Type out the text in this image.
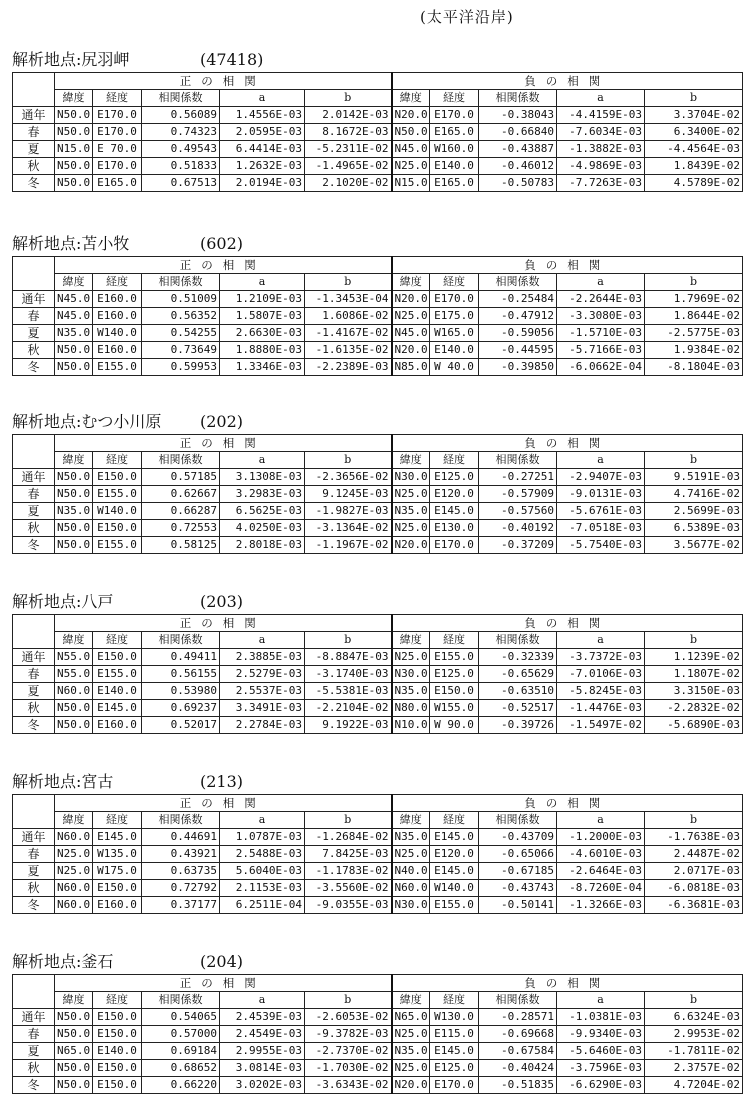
(太平洋沿岸)
解析地点:尻羽岬	(47418)
	正の相関					負の相関				
	緯度	経度	相関係数	a	b	緯度	経度	相関係数	a	b
通年	N50.0	E170.0	0.56089	1.4556E-03	2.0142E-03	N20.0	E170.0	-0.38043	-4.4159E-03	3.3704E-02
春	N50.0	E170.0	0.74323	2.0595E-03	8.1672E-03	N50.0	E165.0	-0.66840	-7.6034E-03	6.3400E-02
夏	N15.0	E 70.0	0.49543	6.4414E-03	-5.2311E-02	N45.0	W160.0	-0.43887	-1.3882E-03	-4.4564E-03
秋	N50.0	E170.0	0.51833	1.2632E-03	-1.4965E-02	N25.0	E140.0	-0.46012	-4.9869E-03	1.8439E-02
冬	N50.0	E165.0	0.67513	2.0194E-03	2.1020E-02	N15.0	E165.0	-0.50783	-7.7263E-03	4.5789E-02
解析地点:苫小牧	(602)
	正の相関					負の相関				
	緯度	経度	相関係数	a	b	緯度	経度	相関係数	a	b
通年	N45.0	E160.0	0.51009	1.2109E-03	-1.3453E-04	N20.0	E170.0	-0.25484	-2.2644E-03	1.7969E-02
春	N45.0	E160.0	0.56352	1.5807E-03	1.6086E-02	N25.0	E175.0	-0.47912	-3.3080E-03	1.8644E-02
夏	N35.0	W140.0	0.54255	2.6630E-03	-1.4167E-02	N45.0	W165.0	-0.59056	-1.5710E-03	-2.5775E-03
秋	N50.0	E160.0	0.73649	1.8880E-03	-1.6135E-02	N20.0	E140.0	-0.44595	-5.7166E-03	1.9384E-02
冬	N50.0	E155.0	0.59953	1.3346E-03	-2.2389E-03	N85.0	W 40.0	-0.39850	-6.0662E-04	-8.1804E-03
解析地点:むつ小川原 (202)
	正の相関					負の相関				
	緯度	経度	相関係数	a	b	緯度	経度	相関係数	a	b
通年	N50.0	E150.0	0.57185	3.1308E-03	-2.3656E-02	N30.0	E125.0	-0.27251	-2.9407E-03	9.5191E-03
春	N50.0	E155.0	0.62667	3.2983E-03	9.1245E-03	N25.0	E120.0	-0.57909	-9.0131E-03	4.7416E-02
夏	N35.0	W140.0	0.66287	6.5625E-03	-1.9827E-03	N35.0	E145.0	-0.57560	-5.6761E-03	2.5699E-03
秋	N50.0	E150.0	0.72553	4.0250E-03	-3.1364E-02	N25.0	E130.0	-0.40192	-7.0518E-03	6.5389E-03
冬	N50.0	E155.0	0.58125	2.8018E-03	-1.1967E-02	N20.0	E170.0	-0.37209	-5.7540E-03	3.5677E-02
解析地点:八戸	(203)
	正の相関					負の相関				
	緯度	経度	相関係数	a	b	緯度	経度	相関係数	a	b
通年	N55.0	E150.0	0.49411	2.3885E-03	-8.8847E-03	N25.0	E155.0	-0.32339	-3.7372E-03	1.1239E-02
春	N55.0	E155.0	0.56155	2.5279E-03	-3.1740E-03	N30.0	E125.0	-0.65629	-7.0106E-03	1.1807E-02
夏	N60.0	E140.0	0.53980	2.5537E-03	-5.5381E-03	N35.0	E150.0	-0.63510	-5.8245E-03	3.3150E-03
秋	N50.0	E145.0	0.69237	3.3491E-03	-2.2104E-02	N80.0	W155.0	-0.52517	-1.4476E-03	-2.2832E-02
冬	N50.0	E160.0	0.52017	2.2784E-03	9.1922E-03	N10.0	W 90.0	-0.39726	-1.5497E-02	-5.6890E-03
解析地点:宮古	(213)
	正の相関					負の相関				
	緯度	経度	相関係数	a	b	緯度	経度	相関係数	a	b
通年	N60.0	E145.0	0.44691	1.0787E-03	-1.2684E-02	N35.0	E145.0	-0.43709	-1.2000E-03	-1.7638E-03
春	N25.0	W135.0	0.43921	2.5488E-03	7.8425E-03	N25.0	E120.0	-0.65066	-4.6010E-03	2.4487E-02
夏	N25.0	W175.0	0.63735	5.6040E-03	-1.1783E-02	N40.0	E145.0	-0.67185	-2.6464E-03	2.0717E-03
秋	N60.0	E150.0	0.72792	2.1153E-03	-3.5560E-02	N60.0	W140.0	-0.43743	-8.7260E-04	-6.0818E-03
冬	N60.0	E160.0	0.37177	6.2511E-04	-9.0355E-03	N30.0	E155.0	-0.50141	-1.3266E-03	-6.3681E-03
解析地点:釜石	(204)
	正の相関					負の相関				
	緯度	経度	相関係数	a	b	緯度	経度	相関係数	a	b
通年	N50.0	E150.0	0.54065	2.4539E-03	-2.6053E-02	N65.0	W130.0	-0.28571	-1.0381E-03	6.6324E-03
春	N50.0	E150.0	0.57000	2.4549E-03	-9.3782E-03	N25.0	E115.0	-0.69668	-9.9340E-03	2.9953E-02
夏	N65.0	E140.0	0.69184	2.9955E-03	-2.7370E-02	N35.0	E145.0	-0.67584	-5.6460E-03	-1.7811E-02
秋	N50.0	E150.0	0.68652	3.0814E-03	-1.7030E-02	N25.0	E125.0	-0.40424	-3.7596E-03	2.3757E-02
冬	N50.0	E150.0	0.66220	3.0202E-03	-3.6343E-02	N20.0	E170.0	-0.51835	-6.6290E-03	4.7204E-02
